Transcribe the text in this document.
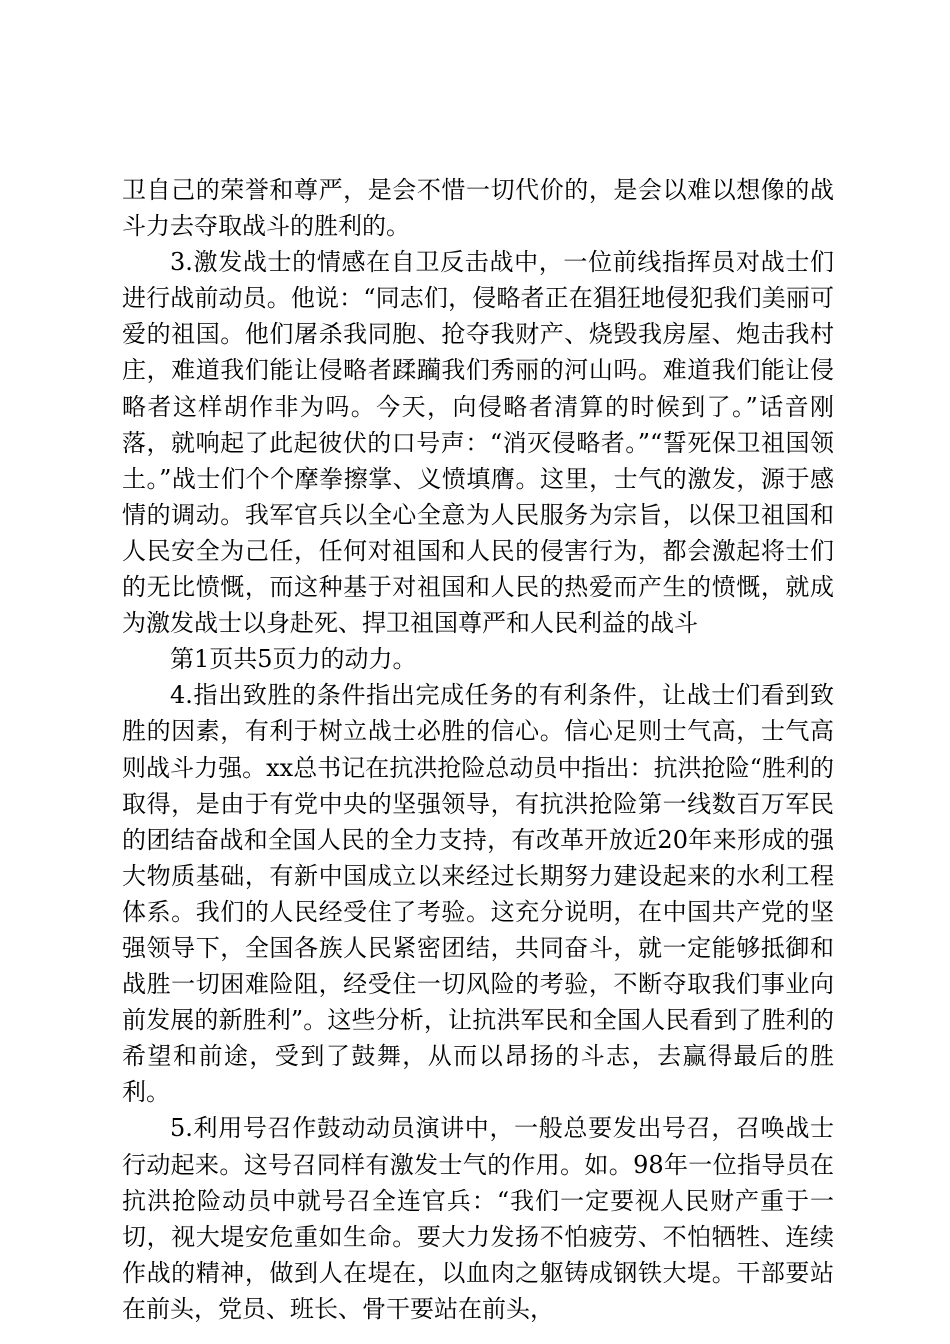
卫自己的荣誉和尊严，是会不惜一切代价的，是会以难以想像的战斗力去夺取战斗的胜利的。

3.激发战士的情感在自卫反击战中，一位前线指挥员对战士们进行战前动员。他说：“同志们，侵略者正在猖狂地侵犯我们美丽可爱的祖国。他们屠杀我同胞、抢夺我财产、烧毁我房屋、炮击我村庄，难道我们能让侵略者蹂躏我们秀丽的河山吗。难道我们能让侵略者这样胡作非为吗。今天，向侵略者清算的时候到了。”话音刚落，就响起了此起彼伏的口号声：“消灭侵略者。”“誓死保卫祖国领土。”战士们个个摩拳擦掌、义愤填膺。这里，士气的激发，源于感情的调动。我军官兵以全心全意为人民服务为宗旨，以保卫祖国和人民安全为己任，任何对祖国和人民的侵害行为，都会激起将士们的无比愤慨，而这种基于对祖国和人民的热爱而产生的愤慨，就成为激发战士以身赴死、捍卫祖国尊严和人民利益的战斗

第1页共5页力的动力。

4.指出致胜的条件指出完成任务的有利条件，让战士们看到致胜的因素，有利于树立战士必胜的信心。信心足则士气高，士气高则战斗力强。xx总书记在抗洪抢险总动员中指出：抗洪抢险“胜利的取得，是由于有党中央的坚强领导，有抗洪抢险第一线数百万军民的团结奋战和全国人民的全力支持，有改革开放近20年来形成的强大物质基础，有新中国成立以来经过长期努力建设起来的水利工程体系。我们的人民经受住了考验。这充分说明，在中国共产党的坚强领导下，全国各族人民紧密团结，共同奋斗，就一定能够抵御和战胜一切困难险阻，经受住一切风险的考验，不断夺取我们事业向前发展的新胜利”。这些分析，让抗洪军民和全国人民看到了胜利的希望和前途，受到了鼓舞，从而以昂扬的斗志，去赢得最后的胜利。

5.利用号召作鼓动动员演讲中，一般总要发出号召，召唤战士行动起来。这号召同样有激发士气的作用。如。98年一位指导员在抗洪抢险动员中就号召全连官兵：“我们一定要视人民财产重于一切，视大堤安危重如生命。要大力发扬不怕疲劳、不怕牺牲、连续作战的精神，做到人在堤在，以血肉之躯铸成钢铁大堤。干部要站在前头，党员、班长、骨干要站在前头，
